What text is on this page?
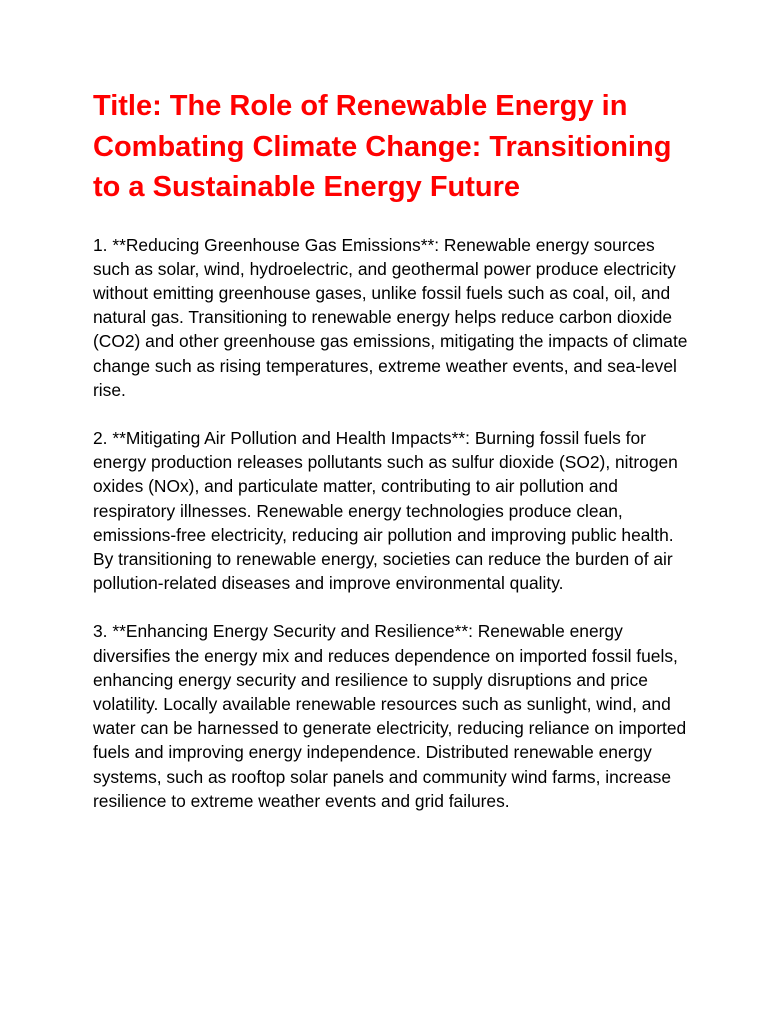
Title: The Role of Renewable Energy in Combating Climate Change: Transitioning to a Sustainable Energy Future

1. **Reducing Greenhouse Gas Emissions**: Renewable energy sources such as solar, wind, hydroelectric, and geothermal power produce electricity without emitting greenhouse gases, unlike fossil fuels such as coal, oil, and natural gas. Transitioning to renewable energy helps reduce carbon dioxide (CO2) and other greenhouse gas emissions, mitigating the impacts of climate change such as rising temperatures, extreme weather events, and sea-level rise.

2. **Mitigating Air Pollution and Health Impacts**: Burning fossil fuels for energy production releases pollutants such as sulfur dioxide (SO2), nitrogen oxides (NOx), and particulate matter, contributing to air pollution and respiratory illnesses. Renewable energy technologies produce clean, emissions-free electricity, reducing air pollution and improving public health. By transitioning to renewable energy, societies can reduce the burden of air pollution-related diseases and improve environmental quality.

3. **Enhancing Energy Security and Resilience**: Renewable energy diversifies the energy mix and reduces dependence on imported fossil fuels, enhancing energy security and resilience to supply disruptions and price volatility. Locally available renewable resources such as sunlight, wind, and water can be harnessed to generate electricity, reducing reliance on imported fuels and improving energy independence. Distributed renewable energy systems, such as rooftop solar panels and community wind farms, increase resilience to extreme weather events and grid failures.
